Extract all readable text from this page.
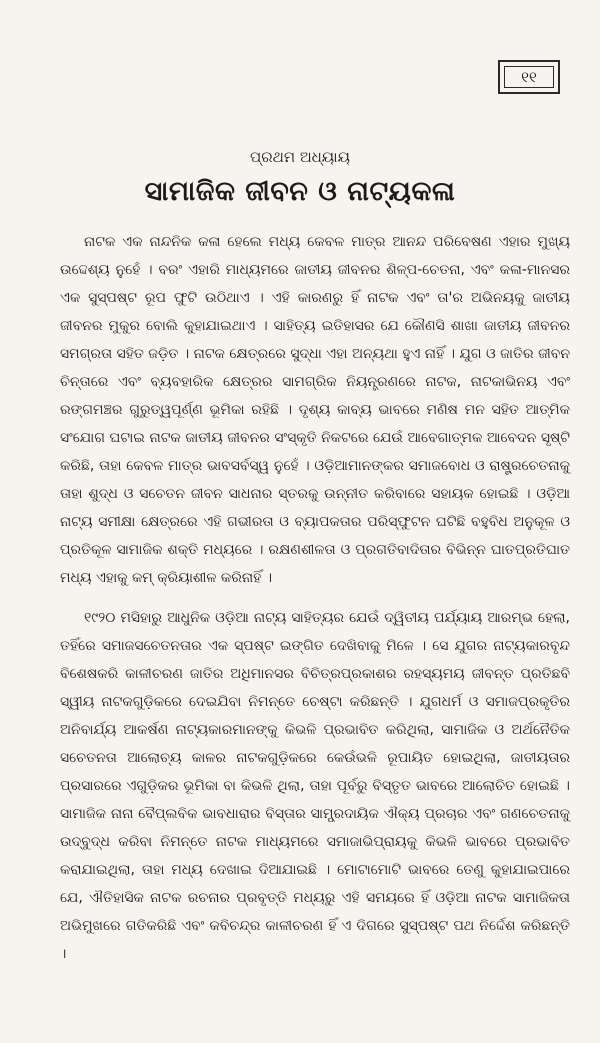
୧୧
ପ୍ରଥମ ଅଧ୍ୟାୟ
ସାମାଜିକ ଜୀବନ ଓ ନାଟ୍ୟକଳା

ନାଟକ ଏକ ନାନ୍ଦନିକ କଳା ହେଲେ ମଧ୍ୟ କେବଳ ମାତ୍ର ଆନନ୍ଦ ପରିବେଷଣ ଏହାର ମୁଖ୍ୟ ଉଦ୍ଦେଶ୍ୟ ନୁହେଁ । ବରଂ ଏହାରି ମାଧ୍ୟମରେ ଜାତୀୟ ଜୀବନର ଶିଳ୍ପ-ଚେତନା, ଏବଂ କଳା-ମାନସର ଏକ ସୁସ୍ପଷ୍ଟ ରୂପ ଫୁଟି ଉଠିଥାଏ । ଏହି କାରଣରୁ ହିଁ ନାଟକ ଏବଂ ତା'ର ଅଭିନୟକୁ ଜାତୀୟ ଜୀବନର ମୁକୁର ବୋଲି କୁହାଯାଇଥାଏ । ସାହିତ୍ୟ ଇତିହାସର ଯେ କୌଣସି ଶାଖା ଜାତୀୟ ଜୀବନର ସମଗ୍ରତା ସହିତ ଜଡ଼ିତ । ନାଟକ କ୍ଷେତ୍ରରେ ସୁଦ୍ଧା ଏହା ଅନ୍ୟଥା ହୁଏ ନାହିଁ । ଯୁଗ ଓ ଜାତିର ଜୀବନ ଚିନ୍ତାରେ ଏବଂ ବ୍ୟବହାରିକ କ୍ଷେତ୍ରର ସାମଗ୍ରିକ ନିୟନ୍ତ୍ରଣରେ ନାଟକ, ନାଟକାଭିନୟ ଏବଂ ରଙ୍ଗମଞ୍ଚର ଗୁରୁତ୍ୱପୂର୍ଣ୍ଣ ଭୂମିକା ରହିଛି । ଦୃଶ୍ୟ କାବ୍ୟ ଭାବରେ ମଣିଷ ମନ ସହିତ ଆତ୍ମିକ ସଂଯୋଗ ଘଟାଇ ନାଟକ ଜାତୀୟ ଜୀବନର ସଂସ୍କୃତି ନିକଟରେ ଯେଉଁ ଆବେଗାତ୍ମକ ଆବେଦନ ସୃଷ୍ଟି କରିଛି, ତାହା କେବଳ ମାତ୍ର ଭାବସର୍ବସ୍ୱ ନୁହେଁ । ଓଡ଼ିଆମାନଙ୍କର ସମାଜବୋଧ ଓ ରାଷ୍ଟ୍ରଚେତନାକୁ ତାହା ଶୁଦ୍ଧ ଓ ସଚେତନ ଜୀବନ ସାଧନାର ସ୍ତରକୁ ଉନ୍ନୀତ କରିବାରେ ସହାୟକ ହୋଇଛି । ଓଡ଼ିଆ ନାଟ୍ୟ ସମୀକ୍ଷା କ୍ଷେତ୍ରରେ ଏହି ଗଭୀରତା ଓ ବ୍ୟାପକତାର ପରିସ୍ଫୁଟନ ଘଟିଛି ବହୁବିଧ ଅନୁକୂଳ ଓ ପ୍ରତିକୂଳ ସାମାଜିକ ଶକ୍ତି ମଧ୍ୟରେ । ରକ୍ଷଣଶୀଳତା ଓ ପ୍ରଗତିବାଦିତାର ବିଭିନ୍ନ ଘାତପ୍ରତିଘାତ ମଧ୍ୟ ଏହାକୁ କମ୍ କ୍ରିୟାଶୀଳ କରିନାହିଁ ।

୧୯୨୦ ମସିହାରୁ ଆଧୁନିକ ଓଡ଼ିଆ ନାଟ୍ୟ ସାହିତ୍ୟର ଯେଉଁ ଦ୍ୱିତୀୟ ପର୍ଯ୍ୟାୟ ଆରମ୍ଭ ହେଲା, ତହିଁରେ ସମାଜସଚେତନତାର ଏକ ସ୍ପଷ୍ଟ ଇଙ୍ଗିତ ଦେଖିବାକୁ ମିଳେ । ସେ ଯୁଗର ନାଟ୍ୟକାରବୃନ୍ଦ ବିଶେଷକରି କାଳୀଚରଣ ଜାତିର ଅଧିମାନସର ବିଚିତ୍ରପ୍ରକାଶର ରହସ୍ୟମୟ ଜୀବନ୍ତ ପ୍ରତିଛବି ସ୍ୱୀୟ ନାଟକଗୁଡ଼ିକରେ ଦେଇଯିବା ନିମନ୍ତେ ଚେଷ୍ଟା କରିଛନ୍ତି । ଯୁଗଧର୍ମ ଓ ସମାଜପ୍ରକୃତିର ଅନିବାର୍ଯ୍ୟ ଆକର୍ଷଣ ନାଟ୍ୟକାରମାନଙ୍କୁ କିଭଳି ପ୍ରଭାବିତ କରିଥିଲା, ସାମାଜିକ ଓ ଅର୍ଥନୈତିକ ସଚେତନତା ଆଲୋଚ୍ୟ କାଳର ନାଟକଗୁଡ଼ିକରେ କେଉଁଭଳି ରୂପାୟିତ ହୋଇଥିଲା, ଜାତୀୟତାର ପ୍ରସାରରେ ଏଗୁଡ଼ିକର ଭୂମିକା ବା କିଭଳି ଥିଲା, ତାହା ପୂର୍ବରୁ ବିସ୍ତୃତ ଭାବରେ ଆଲୋଚିତ ହୋଇଛି । ସାମାଜିକ ନାନା ବୈପ୍ଲବିକ ଭାବଧାରାର ବିସ୍ତାର ସାମ୍ପ୍ରଦାୟିକ ଐକ୍ୟ ପ୍ରଚାର ଏବଂ ଗଣଚେତନାକୁ ଉଦ୍‌ବୁଦ୍ଧ କରିବା ନିମନ୍ତେ ନାଟକ ମାଧ୍ୟମରେ ସମାଜାଭିପ୍ରାୟକୁ କିଭଳି ଭାବରେ ପ୍ରଭାବିତ କରାଯାଇଥିଲା, ତାହା ମଧ୍ୟ ଦେଖାଇ ଦିଆଯାଇଛି । ମୋଟାମୋଟି ଭାବରେ ତେଣୁ କୁହାଯାଇପାରେ ଯେ, ଐତିହାସିକ ନାଟକ ରଚନାର ପ୍ରବୃତ୍ତି ମଧ୍ୟରୁ ଏହି ସମୟରେ ହିଁ ଓଡ଼ିଆ ନାଟକ ସାମାଜିକତା ଅଭିମୁଖରେ ଗତିକରିଛି ଏବଂ କବିଚନ୍ଦ୍ର କାଳୀଚରଣ ହିଁ ଏ ଦିଗରେ ସୁସ୍ପଷ୍ଟ ପଥ ନିର୍ଦ୍ଦେଶ କରିଛନ୍ତି ।
